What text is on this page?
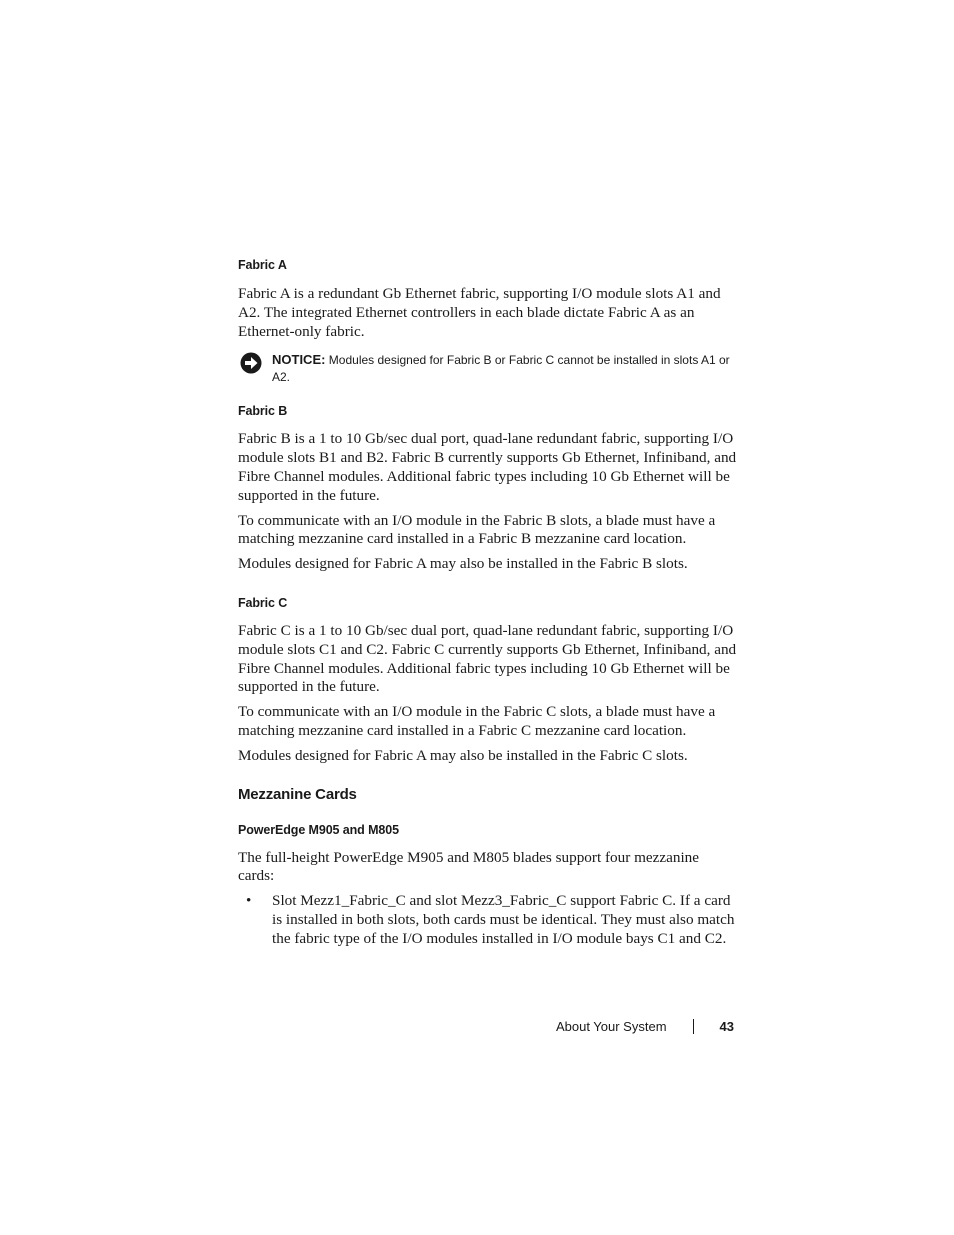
Fabric A
Fabric A is a redundant Gb Ethernet fabric, supporting I/O module slots A1 and A2. The integrated Ethernet controllers in each blade dictate Fabric A as an Ethernet-only fabric.
NOTICE: Modules designed for Fabric B or Fabric C cannot be installed in slots A1 or A2.
Fabric B
Fabric B is a 1 to 10 Gb/sec dual port, quad-lane redundant fabric, supporting I/O module slots B1 and B2. Fabric B currently supports Gb Ethernet, Infiniband, and Fibre Channel modules. Additional fabric types including 10 Gb Ethernet will be supported in the future.
To communicate with an I/O module in the Fabric B slots, a blade must have a matching mezzanine card installed in a Fabric B mezzanine card location.
Modules designed for Fabric A may also be installed in the Fabric B slots.
Fabric C
Fabric C is a 1 to 10 Gb/sec dual port, quad-lane redundant fabric, supporting I/O module slots C1 and C2. Fabric C currently supports Gb Ethernet, Infiniband, and Fibre Channel modules. Additional fabric types including 10 Gb Ethernet will be supported in the future.
To communicate with an I/O module in the Fabric C slots, a blade must have a matching mezzanine card installed in a Fabric C mezzanine card location.
Modules designed for Fabric A may also be installed in the Fabric C slots.
Mezzanine Cards
PowerEdge M905 and M805
The full-height PowerEdge M905 and M805 blades support four mezzanine cards:
• Slot Mezz1_Fabric_C and slot Mezz3_Fabric_C support Fabric C. If a card is installed in both slots, both cards must be identical. They must also match the fabric type of the I/O modules installed in I/O module bays C1 and C2.
About Your System	43
